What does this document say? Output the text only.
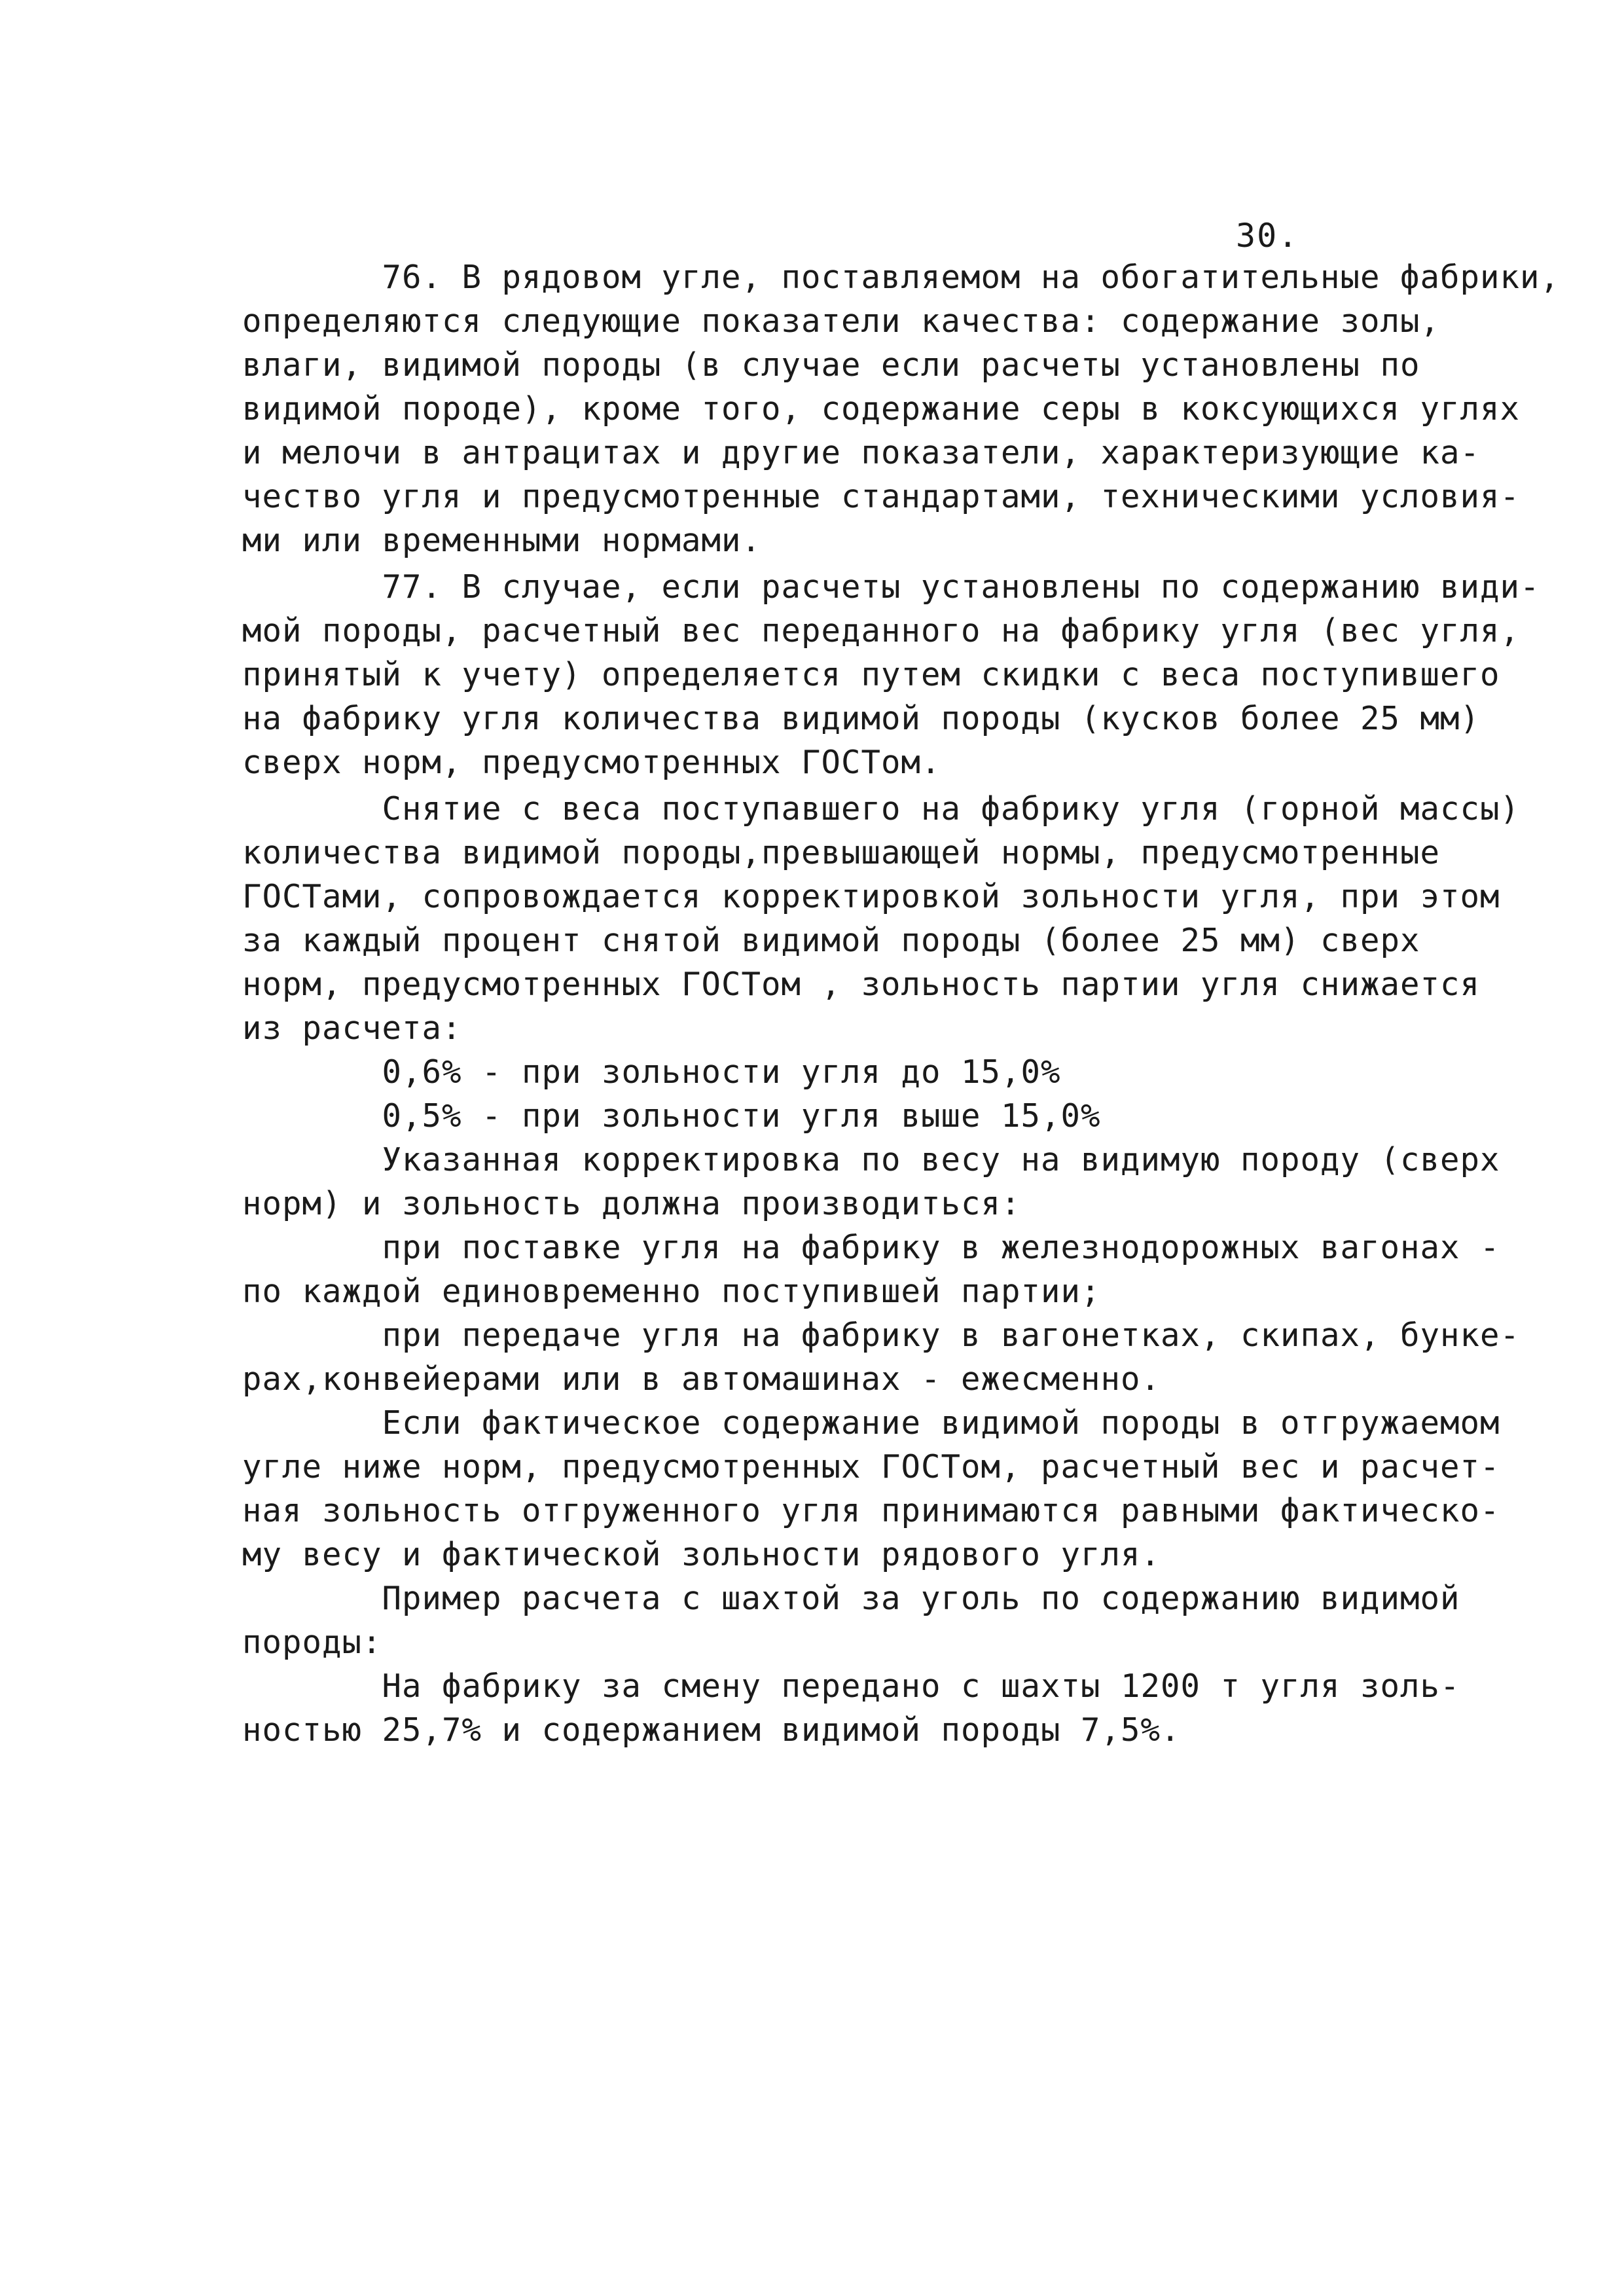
30.
76. В рядовом угле, поставляемом на обогатительные фабрики,
определяются следующие показатели качества: содержание золы,
влаги, видимой породы (в случае если расчеты установлены по
видимой породе), кроме того, содержание серы в коксующихся углях
и мелочи в антрацитах и другие показатели, характеризующие ка-
чество угля и предусмотренные стандартами, техническими условия-
ми или временными нормами.
77. В случае, если расчеты установлены по содержанию види-
мой породы, расчетный вес переданного на фабрику угля (вес угля,
принятый к учету) определяется путем скидки с веса поступившего
на фабрику угля количества видимой породы (кусков более 25 мм)
сверх норм, предусмотренных ГОСТом.
Снятие с веса поступавшего на фабрику угля (горной массы)
количества видимой породы,превышающей нормы, предусмотренные
ГОСТами, сопровождается корректировкой зольности угля, при этом
за каждый процент снятой видимой породы (более 25 мм) сверх
норм, предусмотренных ГОСТом , зольность партии угля снижается
из расчета:
0,6% - при зольности угля до 15,0%
0,5% - при зольности угля выше 15,0%
Указанная корректировка по весу на видимую породу (сверх
норм) и зольность должна производиться:
при поставке угля на фабрику в железнодорожных вагонах -
по каждой единовременно поступившей партии;
при передаче угля на фабрику в вагонетках, скипах, бунке-
рах,конвейерами или в автомашинах - ежесменно.
Если фактическое содержание видимой породы в отгружаемом
угле ниже норм, предусмотренных ГОСТом, расчетный вес и расчет-
ная зольность отгруженного угля принимаются равными фактическо-
му весу и фактической зольности рядового угля.
Пример расчета с шахтой за уголь по содержанию видимой
породы:
На фабрику за смену передано с шахты 1200 т угля золь-
ностью 25,7% и содержанием видимой породы 7,5%.
